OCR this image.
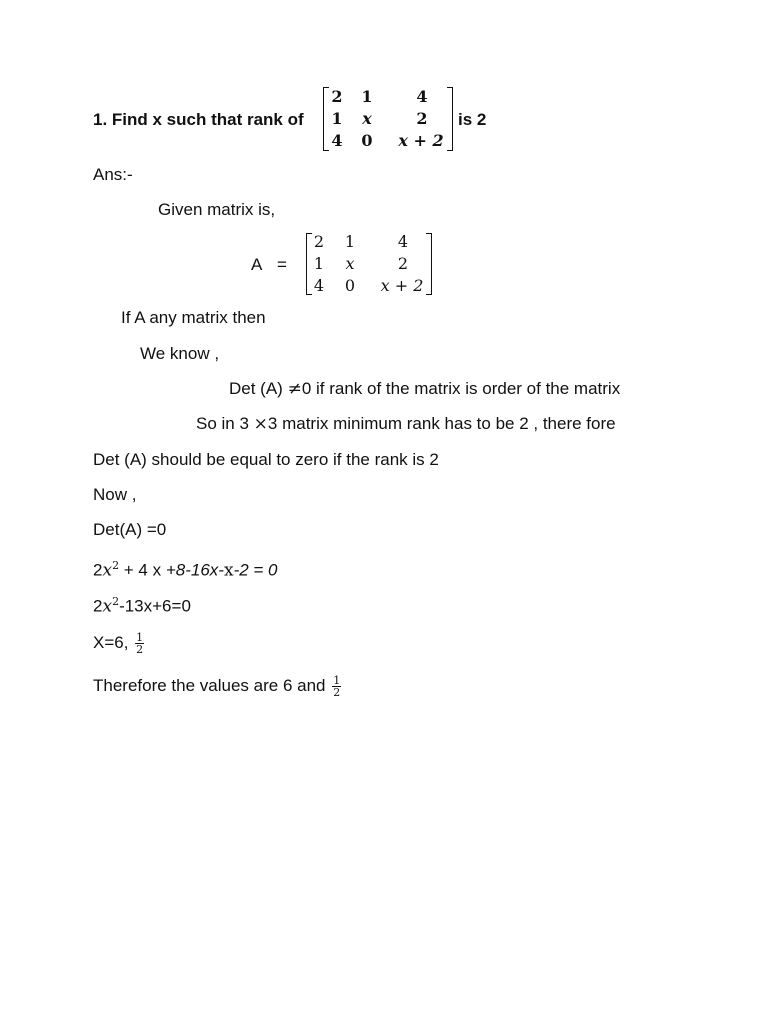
1. Find x such that rank of
2 1	4
1 x	2
4 0	x + 2
is 2
Ans:-
Given matrix is,
A =
2 1	4
1 x	2
4 0	x + 2
If A any matrix then
We know ,
Det (A) ≠0 if rank of the matrix is order of the matrix
So in 3 ×3 matrix minimum rank has to be 2 , there fore
Det (A) should be equal to zero if the rank is 2
Now ,
Det(A) =0
$2x^2 + 4$ x +8-16x-x-2 = 0
$2x^2-13x+6=0$
X=6, $\frac{1}{2}$
Therefore the values are 6 and $\frac{1}{2}$
